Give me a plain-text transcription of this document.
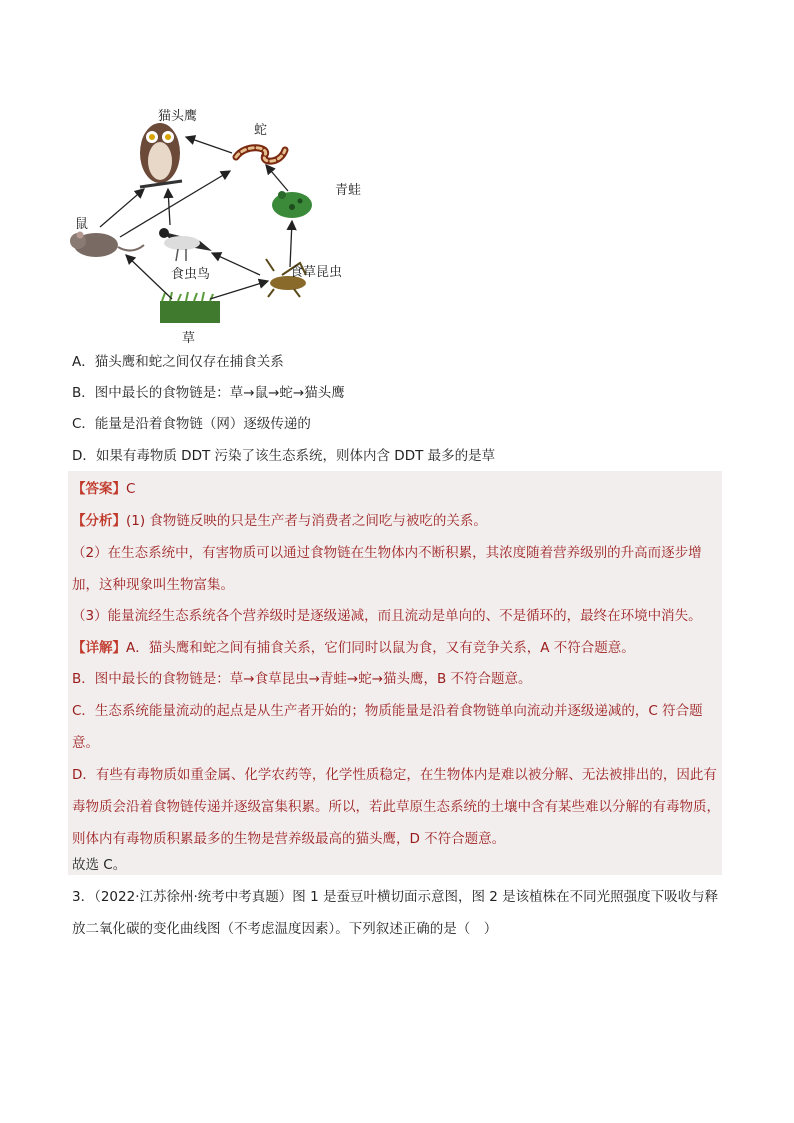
猫头鹰
蛇
青蛙
鼠
食虫鸟	食草昆虫
草
A．猫头鹰和蛇之间仅存在捕食关系
B．图中最长的食物链是：草→鼠→蛇→猫头鹰
C．能量是沿着食物链（网）逐级传递的
D．如果有毒物质 DDT 污染了该生态系统，则体内含 DDT 最多的是草
【答案】C
【分析】(1) 食物链反映的只是生产者与消费者之间吃与被吃的关系。
（2）在生态系统中，有害物质可以通过食物链在生物体内不断积累，其浓度随着营养级别的升高而逐步增加，这种现象叫生物富集。
（3）能量流经生态系统各个营养级时是逐级递减，而且流动是单向的、不是循环的，最终在环境中消失。
【详解】A．猫头鹰和蛇之间有捕食关系，它们同时以鼠为食，又有竞争关系，A 不符合题意。
B．图中最长的食物链是：草→食草昆虫→青蛙→蛇→猫头鹰，B 不符合题意。
C．生态系统能量流动的起点是从生产者开始的；物质能量是沿着食物链单向流动并逐级递减的，C 符合题意。
D．有些有毒物质如重金属、化学农药等，化学性质稳定，在生物体内是难以被分解、无法被排出的，因此有毒物质会沿着食物链传递并逐级富集积累。所以，若此草原生态系统的土壤中含有某些难以分解的有毒物质，则体内有毒物质积累最多的生物是营养级最高的猫头鹰，D 不符合题意。
故选 C。
3．（2022·江苏徐州·统考中考真题）图 1 是蚕豆叶横切面示意图，图 2 是该植株在不同光照强度下吸收与释放二氧化碳的变化曲线图（不考虑温度因素）。下列叙述正确的是（　）
